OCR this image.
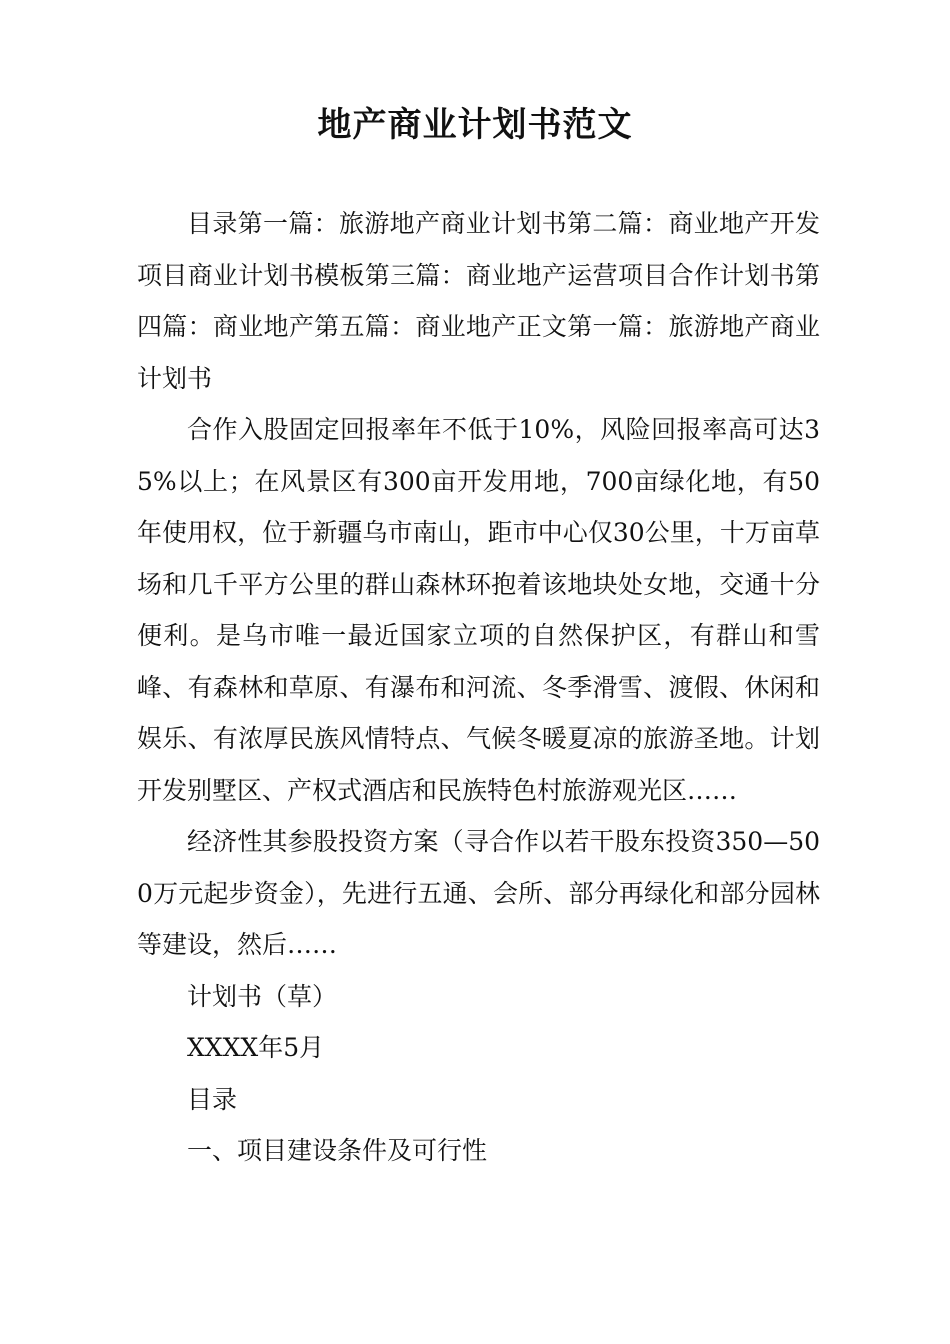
地产商业计划书范文

目录第一篇：旅游地产商业计划书第二篇：商业地产开发项目商业计划书模板第三篇：商业地产运营项目合作计划书第四篇：商业地产第五篇：商业地产正文第一篇：旅游地产商业计划书

合作入股固定回报率年不低于10%，风险回报率高可达35%以上；在风景区有300亩开发用地，700亩绿化地，有50年使用权，位于新疆乌市南山，距市中心仅30公里，十万亩草场和几千平方公里的群山森林环抱着该地块处女地，交通十分便利。是乌市唯一最近国家立项的自然保护区，有群山和雪峰、有森林和草原、有瀑布和河流、冬季滑雪、渡假、休闲和娱乐、有浓厚民族风情特点、气候冬暖夏凉的旅游圣地。计划开发别墅区、产权式酒店和民族特色村旅游观光区……

经济性其参股投资方案（寻合作以若干股东投资350—500万元起步资金），先进行五通、会所、部分再绿化和部分园林等建设，然后……

计划书（草）

XXXX年5月

目录

一、项目建设条件及可行性
